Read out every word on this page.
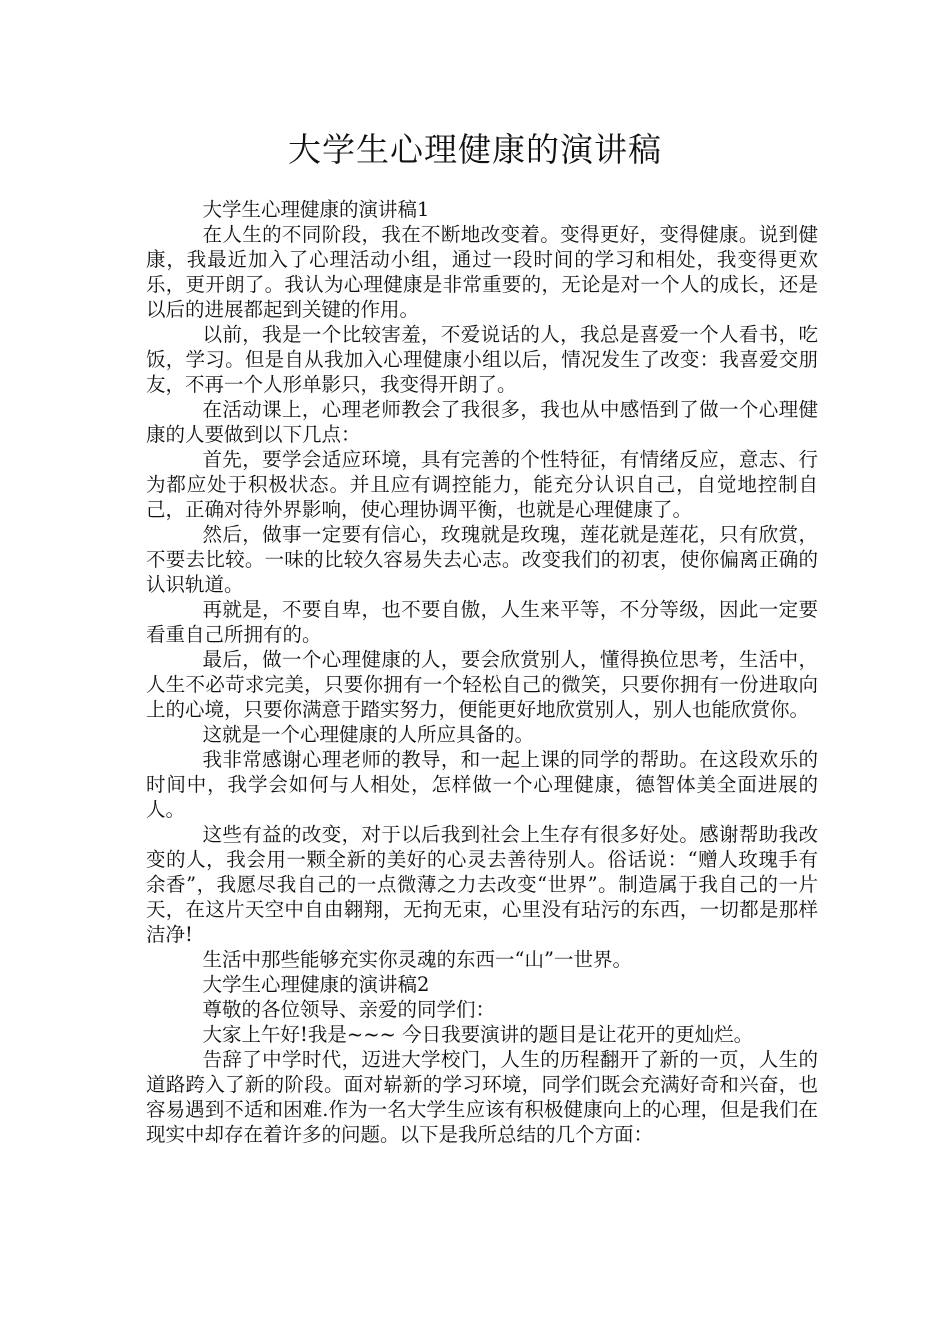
大学生心理健康的演讲稿

大学生心理健康的演讲稿1

在人生的不同阶段，我在不断地改变着。变得更好，变得健康。说到健康，我最近加入了心理活动小组，通过一段时间的学习和相处，我变得更欢乐，更开朗了。我认为心理健康是非常重要的，无论是对一个人的成长，还是以后的进展都起到关键的作用。

以前，我是一个比较害羞，不爱说话的人，我总是喜爱一个人看书，吃饭，学习。但是自从我加入心理健康小组以后，情况发生了改变：我喜爱交朋友，不再一个人形单影只，我变得开朗了。

在活动课上，心理老师教会了我很多，我也从中感悟到了做一个心理健康的人要做到以下几点：

首先，要学会适应环境，具有完善的个性特征，有情绪反应，意志、行为都应处于积极状态。并且应有调控能力，能充分认识自己，自觉地控制自己，正确对待外界影响，使心理协调平衡，也就是心理健康了。

然后，做事一定要有信心，玫瑰就是玫瑰，莲花就是莲花，只有欣赏，不要去比较。一味的比较久容易失去心志。改变我们的初衷，使你偏离正确的认识轨道。

再就是，不要自卑，也不要自傲，人生来平等，不分等级，因此一定要看重自己所拥有的。

最后，做一个心理健康的人，要会欣赏别人，懂得换位思考，生活中，人生不必苛求完美，只要你拥有一个轻松自己的微笑，只要你拥有一份进取向上的心境，只要你满意于踏实努力，便能更好地欣赏别人，别人也能欣赏你。

这就是一个心理健康的人所应具备的。

我非常感谢心理老师的教导，和一起上课的同学的帮助。在这段欢乐的时间中，我学会如何与人相处，怎样做一个心理健康，德智体美全面进展的人。

这些有益的改变，对于以后我到社会上生存有很多好处。感谢帮助我改变的人，我会用一颗全新的美好的心灵去善待别人。俗话说：“赠人玫瑰手有余香”，我愿尽我自己的一点微薄之力去改变“世界”。制造属于我自己的一片天，在这片天空中自由翱翔，无拘无束，心里没有玷污的东西，一切都是那样洁净!

生活中那些能够充实你灵魂的东西一“山”一世界。

大学生心理健康的演讲稿2

尊敬的各位领导、亲爱的同学们：

大家上午好!我是~~~ 今日我要演讲的题目是让花开的更灿烂。

告辞了中学时代，迈进大学校门，人生的历程翻开了新的一页，人生的道路跨入了新的阶段。面对崭新的学习环境，同学们既会充满好奇和兴奋，也容易遇到不适和困难.作为一名大学生应该有积极健康向上的心理，但是我们在现实中却存在着许多的问题。以下是我所总结的几个方面：
